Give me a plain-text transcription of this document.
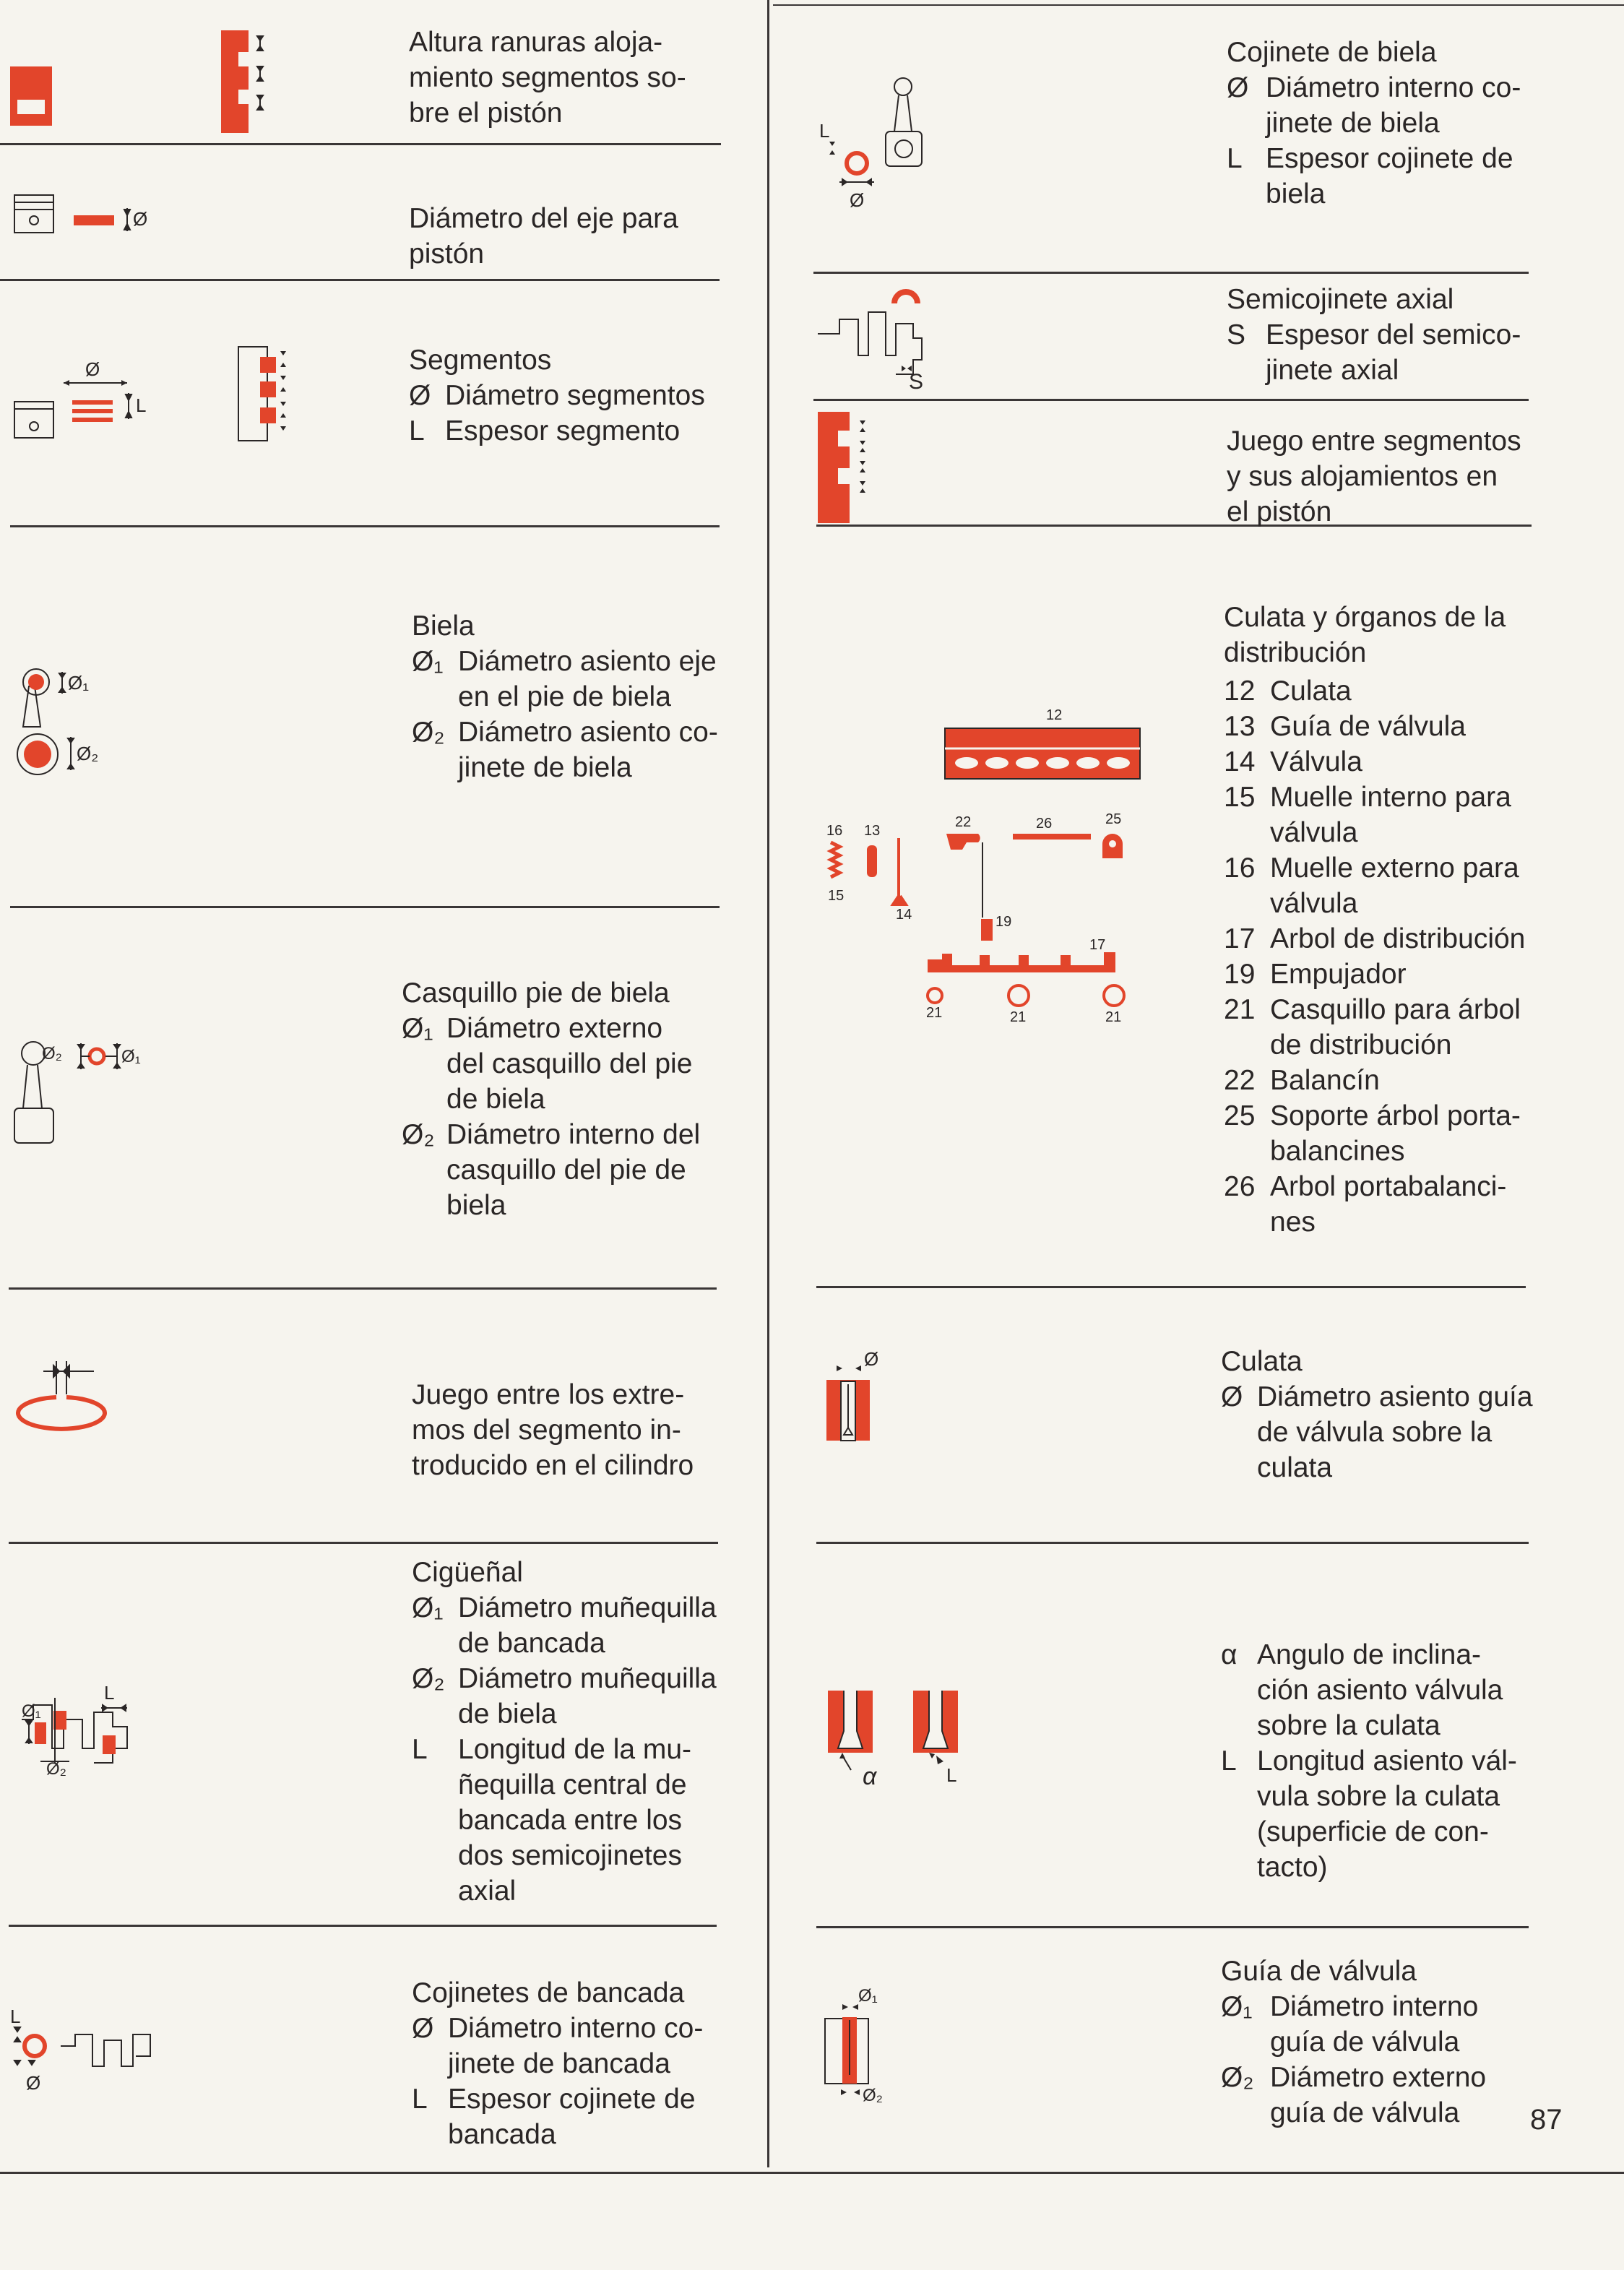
Altura ranuras aloja-
miento segmentos so-
bre el pistón
Diámetro del eje para
pistón
Segmentos
Ø Diámetro segmentos
L Espesor segmento
Biela
Ø₁ Diámetro asiento eje
en el pie de biela
Ø₂ Diámetro asiento co-
jinete de biela
Casquillo pie de biela
Ø₁ Diámetro externo
del casquillo del pie
de biela
Ø₂ Diámetro interno del
casquillo del pie de
biela
Juego entre los extre-
mos del segmento in-
troducido en el cilindro
Cigüeñal
Ø₁ Diámetro muñequilla
de bancada
Ø₂ Diámetro muñequilla
de biela
L	Longitud de la mu-
ñequilla central de
bancada entre los
dos semicojinetes
axial
Cojinetes de bancada
Ø Diámetro interno co-
jinete de bancada
L Espesor cojinete de
bancada
Cojinete de biela
Ø Diámetro interno co-
jinete de biela
L Espesor cojinete de
biela
Semicojinete axial
S Espesor del semico-
jinete axial
Juego entre segmentos
y sus alojamientos en
el pistón
Culata y órganos de la
distribución
12 Culata
13 Guía de válvula
14 Válvula
15 Muelle interno para
válvula
16 Muelle externo para
válvula
17 Arbol de distribución
19 Empujador
21 Casquillo para árbol
de distribución
22 Balancín
25 Soporte árbol porta-
balancines
26 Arbol portabalanci-
nes
Culata
Ø Diámetro asiento guía
de válvula sobre la
culata
α Angulo de inclina-
ción asiento válvula
sobre la culata
L Longitud asiento vál-
vula sobre la culata
(superficie de con-
tacto)
Guía de válvula
Ø₁ Diámetro interno
guía de válvula
Ø₂ Diámetro externo
guía de válvula	87
Ø
Ø
L
Ø₁
Ø₂
Ø₂	Ø₁
Ø₁
Ø₂
L
L
Ø
L
Ø
S
12
16 13
15
14
22	26	25
19
17
21	21	21
Ø
α	L
Ø₁
Ø₂
